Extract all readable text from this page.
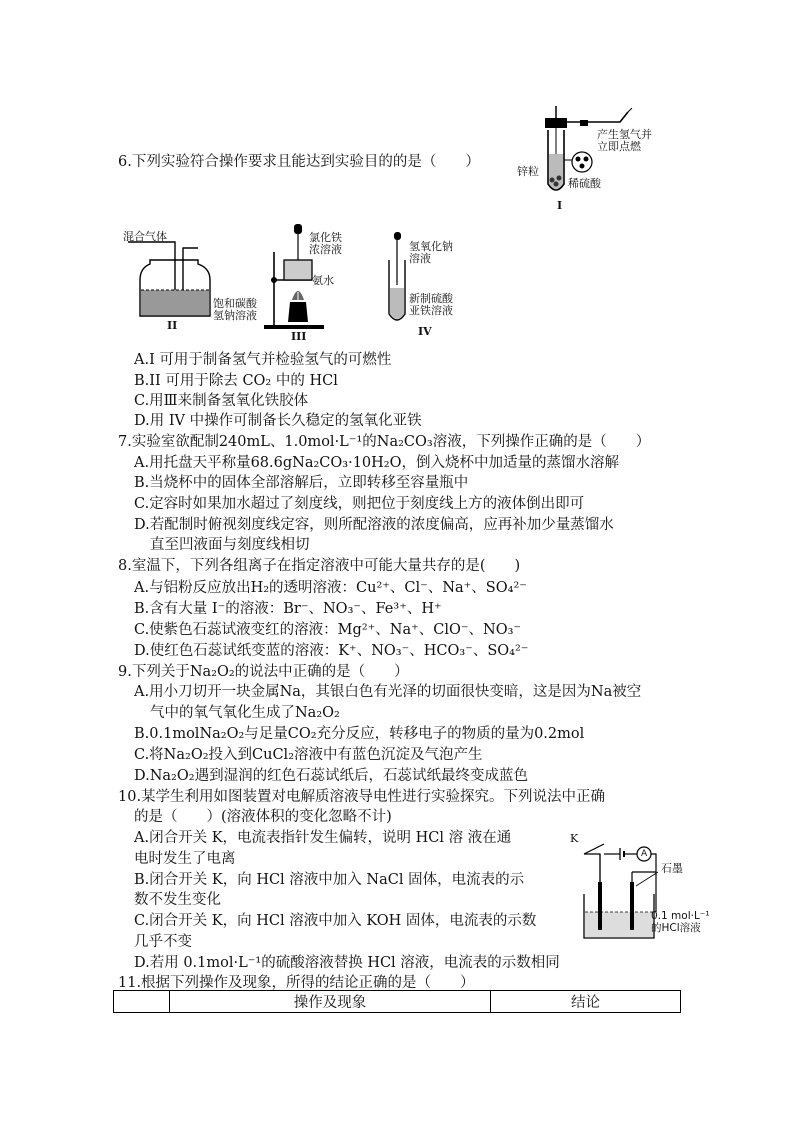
6.下列实验符合操作要求且能达到实验目的的是（　　）
产生氢气并
立即点燃
锌粒
稀硫酸
I
混合气体
饱和碳酸
氢钠溶液
II
氯化铁
浓溶液
氨水
III
氢氧化钠
溶液
新制硫酸
亚铁溶液
IV
A.I 可用于制备氢气并检验氢气的可燃性
B.II 可用于除去 CO₂ 中的 HCl
C.用Ⅲ来制备氢氧化铁胶体
D.用 IV 中操作可制备长久稳定的氢氧化亚铁
7.实验室欲配制240mL、1.0mol·L⁻¹的Na₂CO₃溶液，下列操作正确的是（　　）
A.用托盘天平称量68.6gNa₂CO₃·10H₂O，倒入烧杯中加适量的蒸馏水溶解
B.当烧杯中的固体全部溶解后，立即转移至容量瓶中
C.定容时如果加水超过了刻度线，则把位于刻度线上方的液体倒出即可
D.若配制时俯视刻度线定容，则所配溶液的浓度偏高，应再补加少量蒸馏水
直至凹液面与刻度线相切
8.室温下，下列各组离子在指定溶液中可能大量共存的是(　　)
A.与铝粉反应放出H₂的透明溶液：Cu²⁺、Cl⁻、Na⁺、SO₄²⁻
B.含有大量 I⁻的溶液：Br⁻、NO₃⁻、Fe³⁺、H⁺
C.使紫色石蕊试液变红的溶液：Mg²⁺、Na⁺、ClO⁻、NO₃⁻
D.使红色石蕊试纸变蓝的溶液：K⁺、NO₃⁻、HCO₃⁻、SO₄²⁻
9.下列关于Na₂O₂的说法中正确的是（　　）
A.用小刀切开一块金属Na，其银白色有光泽的切面很快变暗，这是因为Na被空
气中的氧气氧化生成了Na₂O₂
B.0.1molNa₂O₂与足量CO₂充分反应，转移电子的物质的量为0.2mol
C.将Na₂O₂投入到CuCl₂溶液中有蓝色沉淀及气泡产生
D.Na₂O₂遇到湿润的红色石蕊试纸后，石蕊试纸最终变成蓝色
10.某学生利用如图装置对电解质溶液导电性进行实验探究。下列说法中正确
的是（　　）(溶液体积的变化忽略不计)
A.闭合开关 K，电流表指针发生偏转，说明 HCl 溶 液在通
电时发生了电离
B.闭合开关 K，向 HCl 溶液中加入 NaCl 固体，电流表的示
数不发生变化
C.闭合开关 K，向 HCl 溶液中加入 KOH 固体，电流表的示数
几乎不变
D.若用 0.1mol·L⁻¹的硫酸溶液替换 HCl 溶液，电流表的示数相同
K
A
石墨
0.1 mol·L⁻¹
的HCl溶液
11.根据下列操作及现象，所得的结论正确的是（　　）
	操作及现象	结论
